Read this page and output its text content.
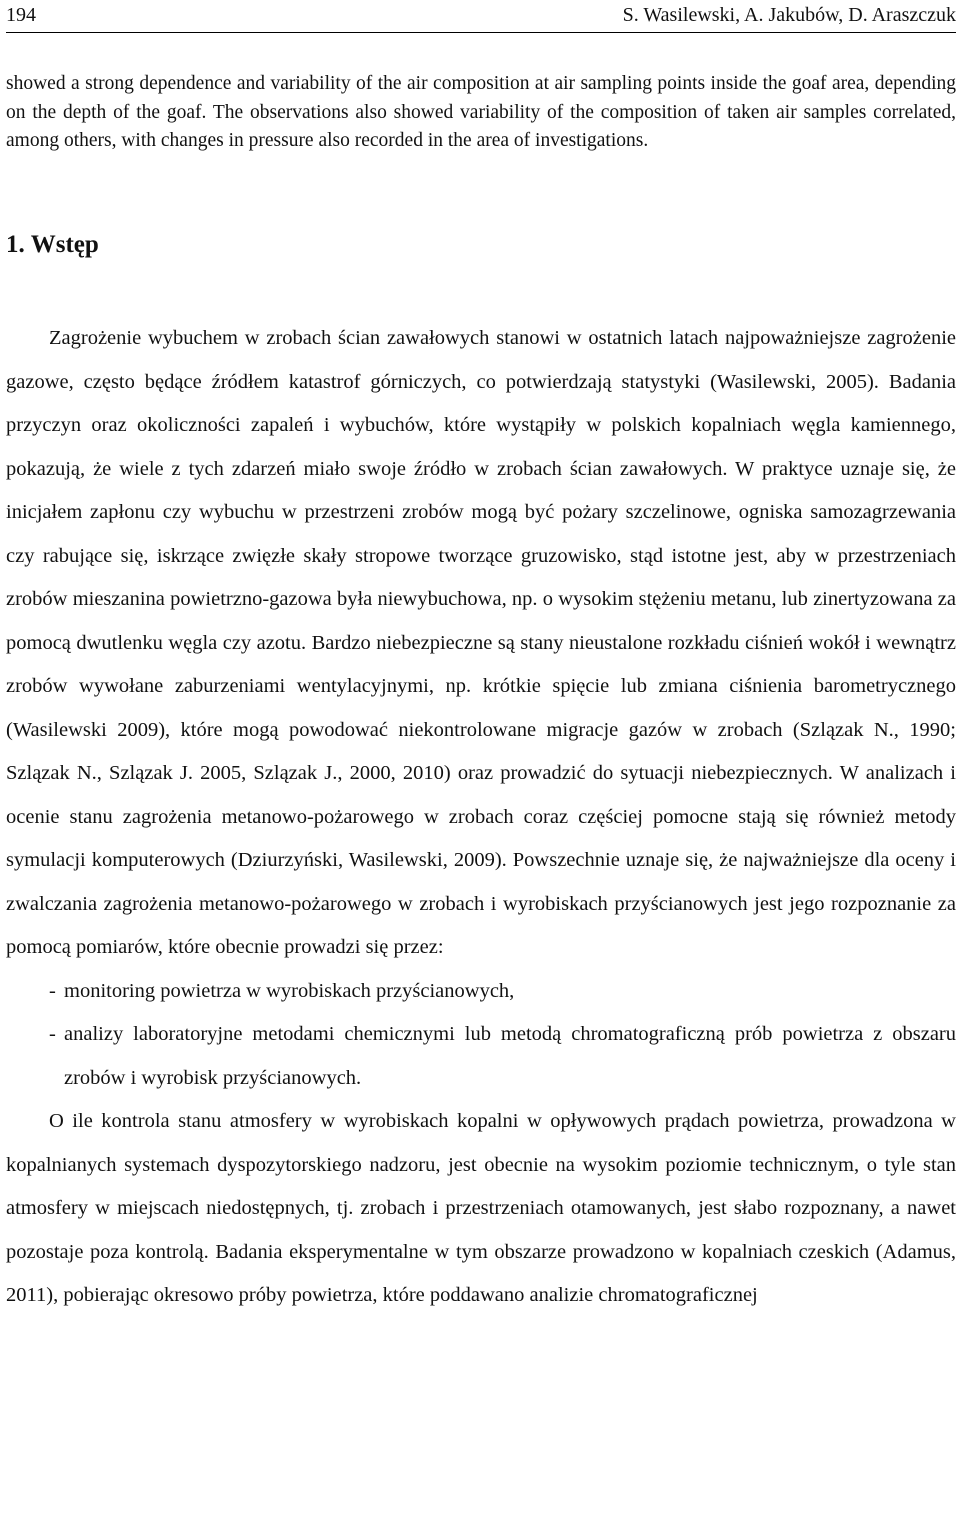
194	S. Wasilewski, A. Jakubów, D. Araszczuk

showed a strong dependence and variability of the air composition at air sampling points inside the goaf area, depending on the depth of the goaf. The observations also showed variability of the composition of taken air samples correlated, among others, with changes in pressure also recorded in the area of investigations.

1. Wstęp

Zagrożenie wybuchem w zrobach ścian zawałowych stanowi w ostatnich latach najpoważniejsze zagrożenie gazowe, często będące źródłem katastrof górniczych, co potwierdzają statystyki (Wasilewski, 2005). Badania przyczyn oraz okoliczności zapaleń i wybuchów, które wystąpiły w polskich kopalniach węgla kamiennego, pokazują, że wiele z tych zdarzeń miało swoje źródło w zrobach ścian zawałowych. W praktyce uznaje się, że inicjałem zapłonu czy wybuchu w przestrzeni zrobów mogą być pożary szczelinowe, ogniska samozagrzewania czy rabujące się, iskrzące zwięzłe skały stropowe tworzące gruzowisko, stąd istotne jest, aby w przestrzeniach zrobów mieszanina powietrzno-gazowa była niewybuchowa, np. o wysokim stężeniu metanu, lub zinertyzowana za pomocą dwutlenku węgla czy azotu. Bardzo niebezpieczne są stany nieustalone rozkładu ciśnień wokół i wewnątrz zrobów wywołane zaburzeniami wentylacyjnymi, np. krótkie spięcie lub zmiana ciśnienia barometrycznego (Wasilewski 2009), które mogą powodować niekontrolowane migracje gazów w zrobach (Szlązak N., 1990; Szlązak N., Szlązak J. 2005, Szlązak J., 2000, 2010) oraz prowadzić do sytuacji niebezpiecznych. W analizach i ocenie stanu zagrożenia metanowo-pożarowego w zrobach coraz częściej pomocne stają się również metody symulacji komputerowych (Dziurzyński, Wasilewski, 2009). Powszechnie uznaje się, że najważniejsze dla oceny i zwalczania zagrożenia metanowo-pożarowego w zrobach i wyrobiskach przyścianowych jest jego rozpoznanie za pomocą pomiarów, które obecnie prowadzi się przez:

- monitoring powietrza w wyrobiskach przyścianowych,
- analizy laboratoryjne metodami chemicznymi lub metodą chromatograficzną prób powietrza z obszaru zrobów i wyrobisk przyścianowych.

O ile kontrola stanu atmosfery w wyrobiskach kopalni w opływowych prądach powietrza, prowadzona w kopalnianych systemach dyspozytorskiego nadzoru, jest obecnie na wysokim poziomie technicznym, o tyle stan atmosfery w miejscach niedostępnych, tj. zrobach i przestrzeniach otamowanych, jest słabo rozpoznany, a nawet pozostaje poza kontrolą. Badania eksperymentalne w tym obszarze prowadzono w kopalniach czeskich (Adamus, 2011), pobierając okresowo próby powietrza, które poddawano analizie chromatograficznej
